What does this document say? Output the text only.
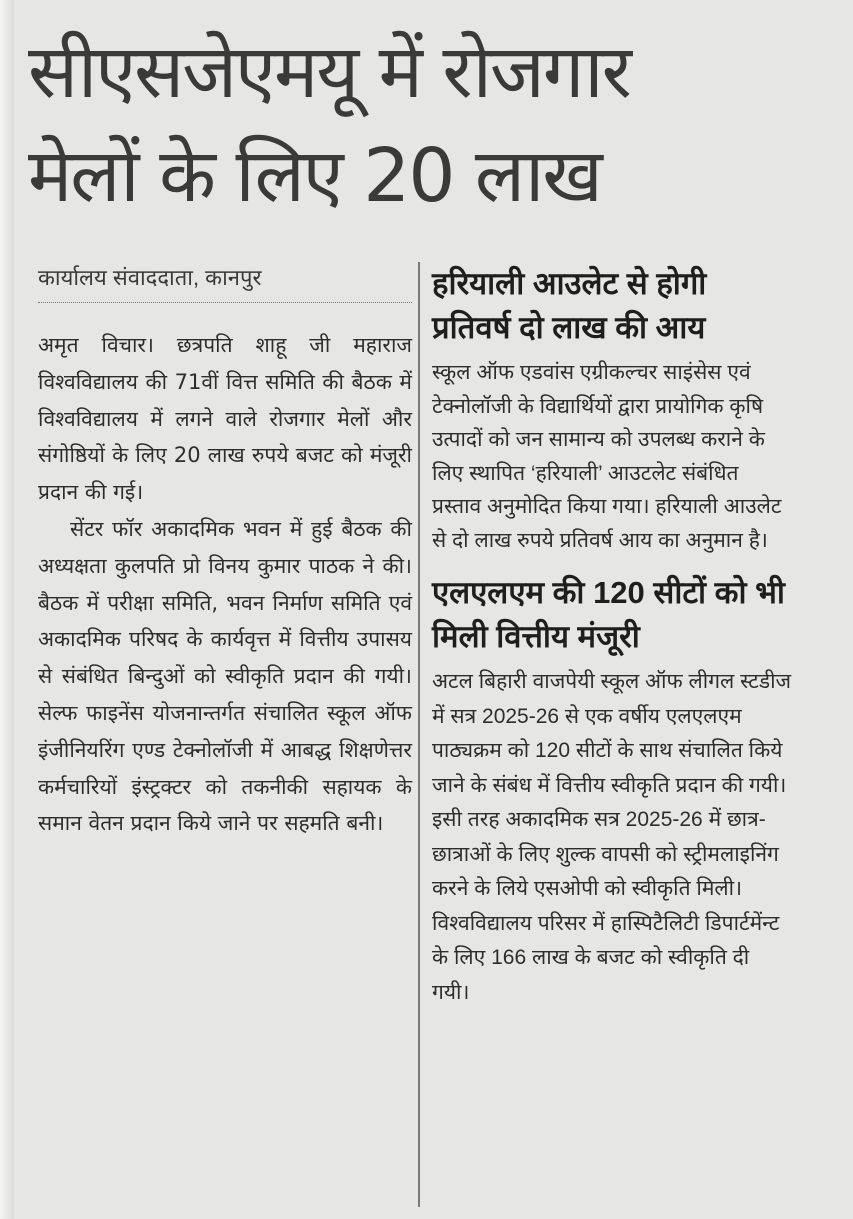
सीएसजेएमयू में रोजगार
मेलों के लिए 20 लाख
कार्यालय संवाददाता, कानपुर

अमृत विचार। छत्रपति शाहू जी महाराज विश्वविद्यालय की 71वीं वित्त समिति की बैठक में विश्वविद्यालय में लगने वाले रोजगार मेलों और संगोष्ठियों के लिए 20 लाख रुपये बजट को मंजूरी प्रदान की गई।

सेंटर फॉर अकादमिक भवन में हुई बैठक की अध्यक्षता कुलपति प्रो विनय कुमार पाठक ने की। बैठक में परीक्षा समिति, भवन निर्माण समिति एवं अकादमिक परिषद के कार्यवृत्त में वित्तीय उपासय से संबंधित बिन्दुओं को स्वीकृति प्रदान की गयी। सेल्फ फाइनेंस योजनान्तर्गत संचालित स्कूल ऑफ इंजीनियरिंग एण्ड टेक्नोलॉजी में आबद्ध शिक्षणेत्तर कर्मचारियों इंस्ट्रक्टर को तकनीकी सहायक के समान वेतन प्रदान किये जाने पर सहमति बनी।

हरियाली आउलेट से होगी प्रतिवर्ष दो लाख की आय

स्कूल ऑफ एडवांस एग्रीकल्चर साइंसेस एवं टेक्नोलॉजी के विद्यार्थियों द्वारा प्रायोगिक कृषि उत्पादों को जन सामान्य को उपलब्ध कराने के लिए स्थापित ‘हरियाली’ आउटलेट संबंधित प्रस्ताव अनुमोदित किया गया। हरियाली आउलेट से दो लाख रुपये प्रतिवर्ष आय का अनुमान है।

एलएलएम की 120 सीटों को भी मिली वित्तीय मंजूरी

अटल बिहारी वाजपेयी स्कूल ऑफ लीगल स्टडीज में सत्र 2025-26 से एक वर्षीय एलएलएम पाठ्यक्रम को 120 सीटों के साथ संचालित किये जाने के संबंध में वित्तीय स्वीकृति प्रदान की गयी। इसी तरह अकादमिक सत्र 2025-26 में छात्र-छात्राओं के लिए शुल्क वापसी को स्ट्रीमलाइनिंग करने के लिये एसओपी को स्वीकृति मिली। विश्वविद्यालय परिसर में हास्पिटैलिटी डिपार्टमेंन्ट के लिए 166 लाख के बजट को स्वीकृति दी गयी।
